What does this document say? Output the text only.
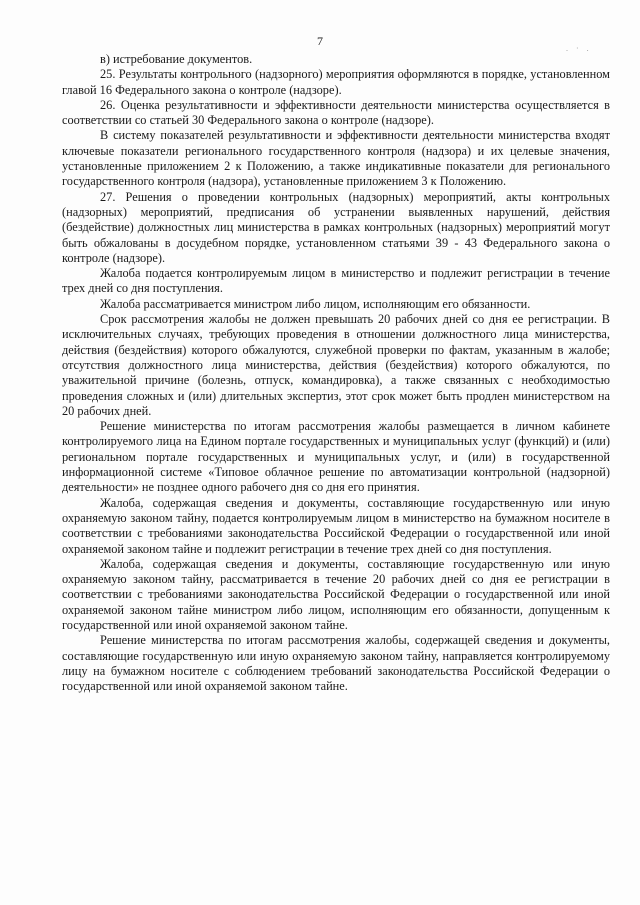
7
. · .

в) истребование документов.

25. Результаты контрольного (надзорного) мероприятия оформляются в порядке, установленном главой 16 Федерального закона о контроле (надзоре).

26. Оценка результативности и эффективности деятельности министерства осуществляется в соответствии со статьей 30 Федерального закона о контроле (надзоре).

В систему показателей результативности и эффективности деятельности министерства входят ключевые показатели регионального государственного контроля (надзора) и их целевые значения, установленные приложением 2 к Положению, а также индикативные показатели для регионального государственного контроля (надзора), установленные приложением 3 к Положению.

27. Решения о проведении контрольных (надзорных) мероприятий, акты контрольных (надзорных) мероприятий, предписания об устранении выявленных нарушений, действия (бездействие) должностных лиц министерства в рамках контрольных (надзорных) мероприятий могут быть обжалованы в досудебном порядке, установленном статьями 39 - 43 Федерального закона о контроле (надзоре).

Жалоба подается контролируемым лицом в министерство и подлежит регистрации в течение трех дней со дня поступления.

Жалоба рассматривается министром либо лицом, исполняющим его обязанности.

Срок рассмотрения жалобы не должен превышать 20 рабочих дней со дня ее регистрации. В исключительных случаях, требующих проведения в отношении должностного лица министерства, действия (бездействия) которого обжалуются, служебной проверки по фактам, указанным в жалобе; отсутствия должностного лица министерства, действия (бездействия) которого обжалуются, по уважительной причине (болезнь, отпуск, командировка), а также связанных с необходимостью проведения сложных и (или) длительных экспертиз, этот срок может быть продлен министерством на 20 рабочих дней.

Решение министерства по итогам рассмотрения жалобы размещается в личном кабинете контролируемого лица на Едином портале государственных и муниципальных услуг (функций) и (или) региональном портале государственных и муниципальных услуг, и (или) в государственной информационной системе «Типовое облачное решение по автоматизации контрольной (надзорной) деятельности» не позднее одного рабочего дня со дня его принятия.

Жалоба, содержащая сведения и документы, составляющие государственную или иную охраняемую законом тайну, подается контролируемым лицом в министерство на бумажном носителе в соответствии с требованиями законодательства Российской Федерации о государственной или иной охраняемой законом тайне и подлежит регистрации в течение трех дней со дня поступления.

Жалоба, содержащая сведения и документы, составляющие государственную или иную охраняемую законом тайну, рассматривается в течение 20 рабочих дней со дня ее регистрации в соответствии с требованиями законодательства Российской Федерации о государственной или иной охраняемой законом тайне министром либо лицом, исполняющим его обязанности, допущенным к государственной или иной охраняемой законом тайне.

Решение министерства по итогам рассмотрения жалобы, содержащей сведения и документы, составляющие государственную или иную охраняемую законом тайну, направляется контролируемому лицу на бумажном носителе с соблюдением требований законодательства Российской Федерации о государственной или иной охраняемой законом тайне.
